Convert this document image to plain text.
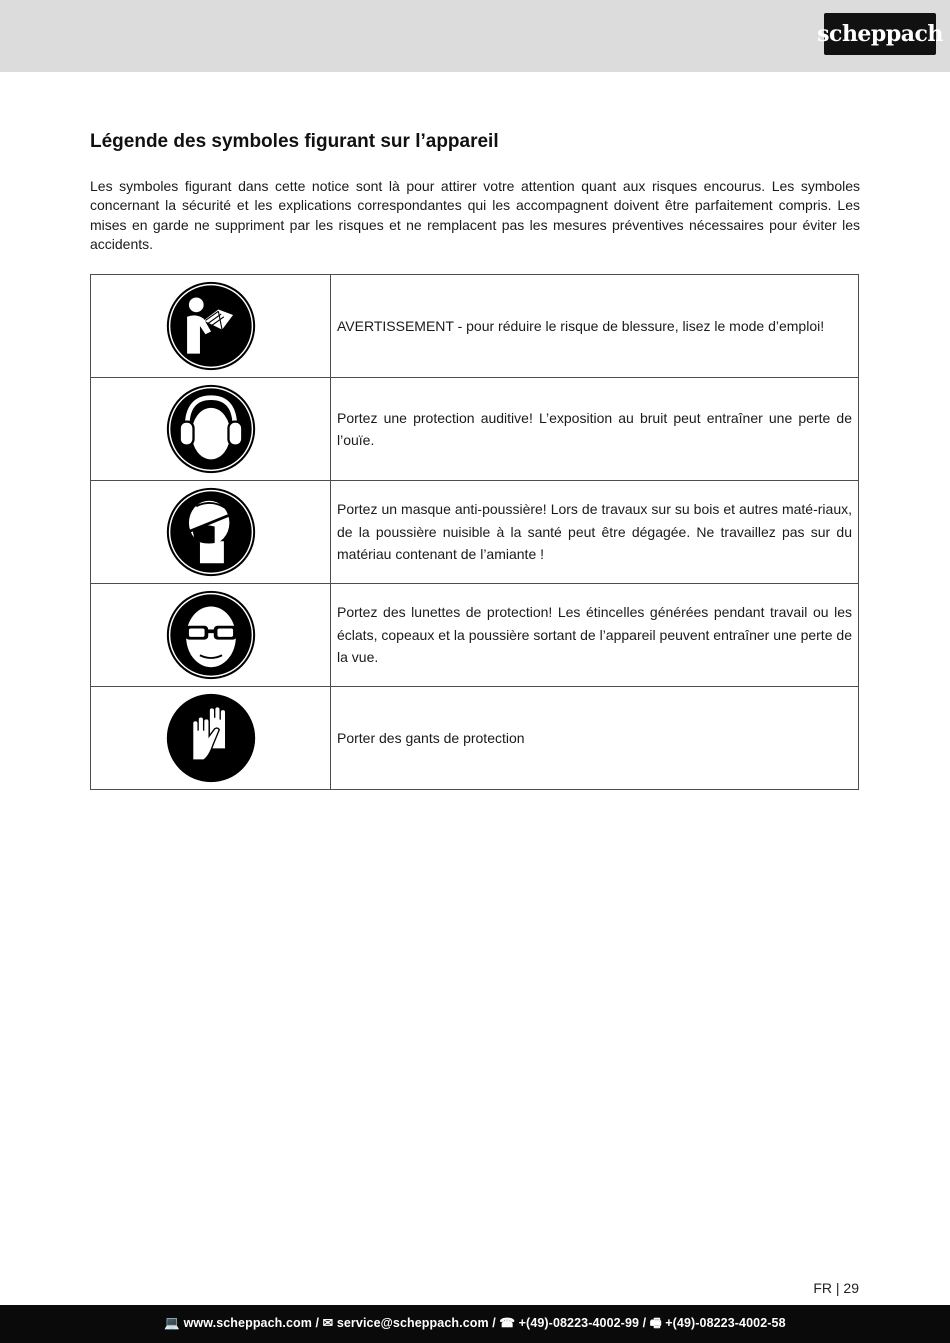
scheppach
Légende des symboles figurant sur l’appareil

Les symboles figurant dans cette notice sont là pour attirer votre attention quant aux risques encourus. Les symboles concernant la sécurité et les explications correspondantes qui les accompagnent doivent être parfaitement compris. Les mises en garde ne suppriment par les risques et ne remplacent pas les mesures préventives nécessaires pour éviter les accidents.

	AVERTISSEMENT - pour réduire le risque de blessure, lisez le mode d’emploi!
	Portez une protection auditive! L’exposition au bruit peut entraîner une perte de l’ouïe.
	Portez un masque anti-poussière! Lors de travaux sur su bois et autres maté-riaux, de la poussière nuisible à la santé peut être dégagée. Ne travaillez pas sur du matériau contenant de l’amiante !
	Portez des lunettes de protection! Les étincelles générées pendant travail ou les éclats, copeaux et la poussière sortant de l’appareil peuvent entraîner une perte de la vue.
	Porter des gants de protection
FR | 29
💻 www.scheppach.com / ✉ service@scheppach.com / ☎ +(49)-08223-4002-99 / 🖷 +(49)-08223-4002-58
